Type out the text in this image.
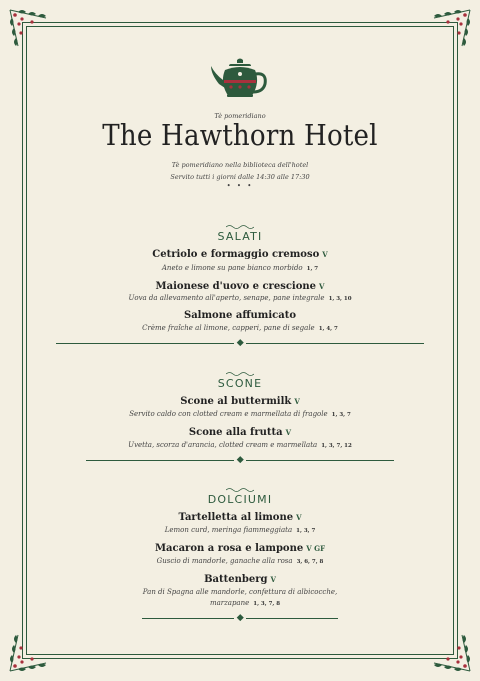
Tè pomeridiano
The Hawthorn Hotel
Tè pomeridiano nella biblioteca dell'hotel
Servito tutti i giorni dalle 14:30 alle 17:30
• • •
SALATI
Cetriolo e formaggio cremoso V
Aneto e limone su pane bianco morbido 1, 7
Maionese d'uovo e crescione V
Uova da allevamento all'aperto, senape, pane integrale 1, 3, 10
Salmone affumicato
Crème fraîche al limone, capperi, pane di segale 1, 4, 7
SCONE
Scone al buttermilk V
Servito caldo con clotted cream e marmellata di fragole 1, 3, 7
Scone alla frutta V
Uvetta, scorza d'arancia, clotted cream e marmellata 1, 3, 7, 12
DOLCIUMI
Tartelletta al limone V
Lemon curd, meringa fiammeggiata 1, 3, 7
Macaron a rosa e lampone V GF
Guscio di mandorle, ganache alla rosa 3, 6, 7, 8
Battenberg V
Pan di Spagna alle mandorle, confettura di albicocche,
marzapane 1, 3, 7, 8
